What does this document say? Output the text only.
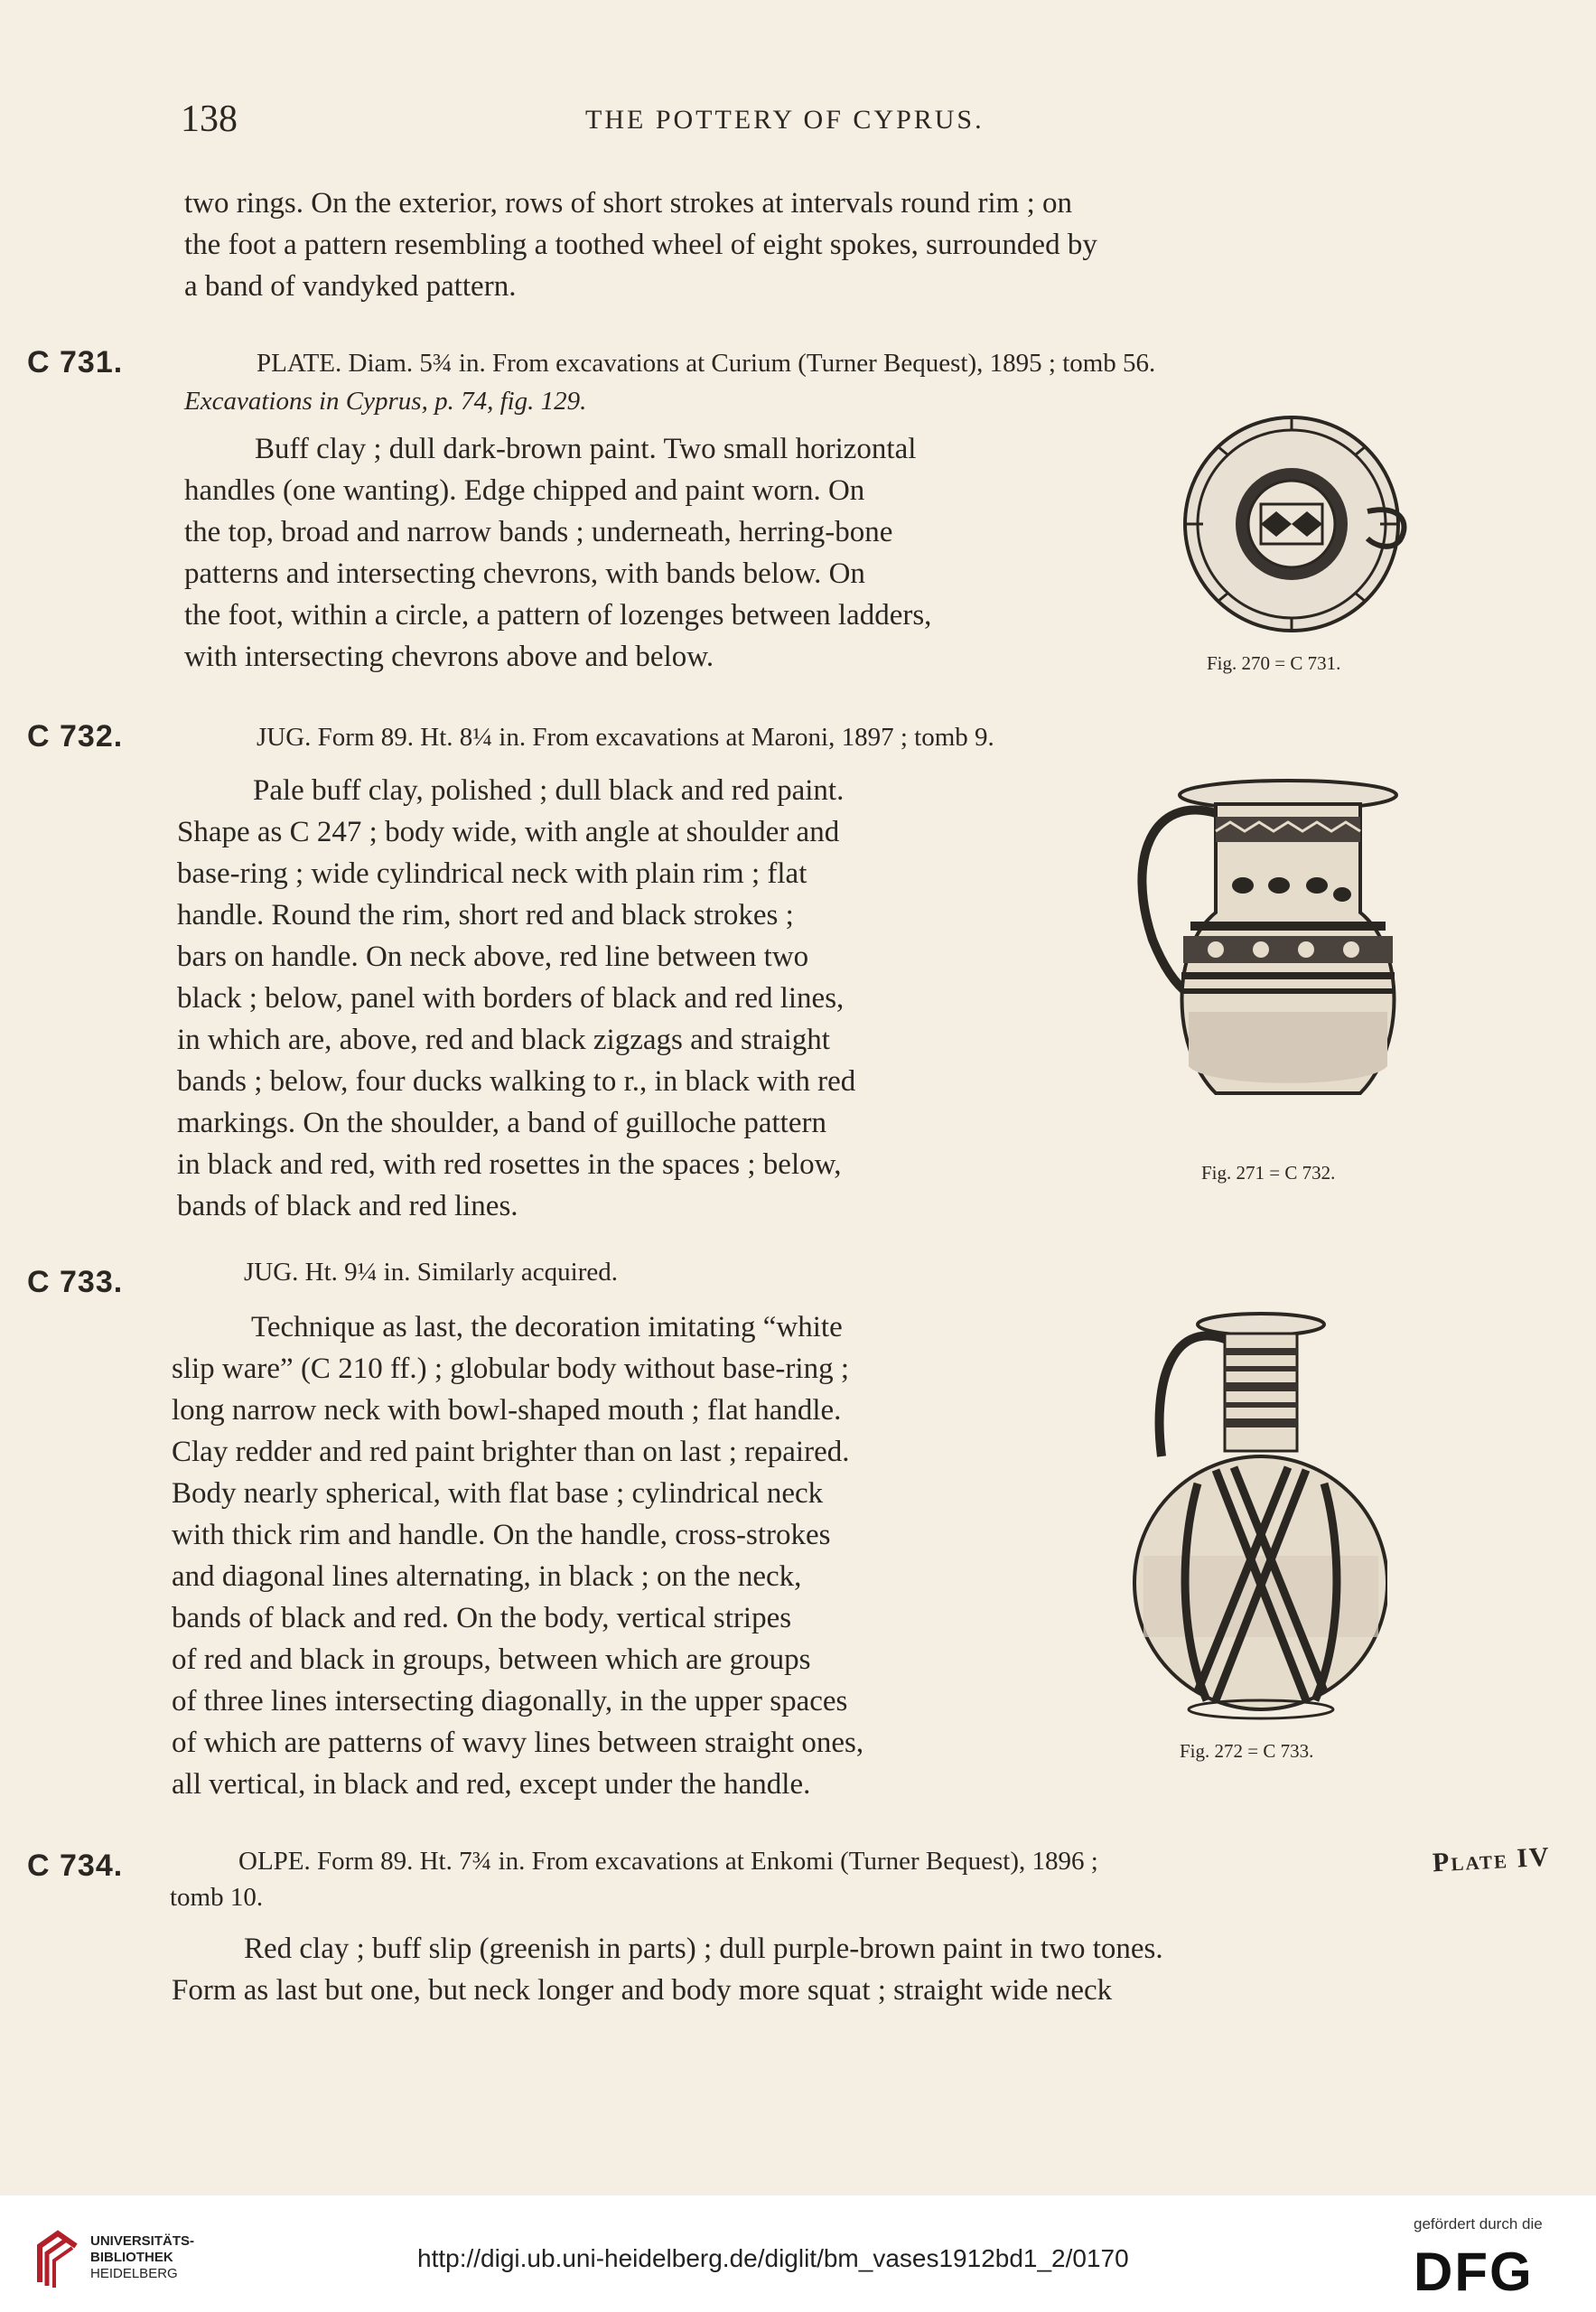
138	THE POTTERY OF CYPRUS.
two rings. On the exterior, rows of short strokes at intervals round rim ; on
the foot a pattern resembling a toothed wheel of eight spokes, surrounded by
a band of vandyked pattern.
C 731.	PLATE. Diam. 5¾ in. From excavations at Curium (Turner Bequest), 1895 ; tomb 56.
Excavations in Cyprus, p. 74, fig. 129.
Buff clay ; dull dark-brown paint. Two small horizontal
handles (one wanting). Edge chipped and paint worn. On
the top, broad and narrow bands ; underneath, herring-bone
patterns and intersecting chevrons, with bands below. On
the foot, within a circle, a pattern of lozenges between ladders,
with intersecting chevrons above and below.	Fig. 270 = C 731.
C 732.	JUG. Form 89. Ht. 8¼ in. From excavations at Maroni, 1897 ; tomb 9.
Pale buff clay, polished ; dull black and red paint.
Shape as C 247 ; body wide, with angle at shoulder and
base-ring ; wide cylindrical neck with plain rim ; flat
handle. Round the rim, short red and black strokes ;
bars on handle. On neck above, red line between two
black ; below, panel with borders of black and red lines,
in which are, above, red and black zigzags and straight
bands ; below, four ducks walking to r., in black with red
markings. On the shoulder, a band of guilloche pattern
in black and red, with red rosettes in the spaces ; below,
bands of black and red lines.
Fig. 271 = C 732.
C 733.	JUG. Ht. 9¼ in. Similarly acquired.
Technique as last, the decoration imitating “white
slip ware” (C 210 ff.) ; globular body without base-ring ;
long narrow neck with bowl-shaped mouth ; flat handle.
Clay redder and red paint brighter than on last ; repaired.
Body nearly spherical, with flat base ; cylindrical neck
with thick rim and handle. On the handle, cross-strokes
and diagonal lines alternating, in black ; on the neck,
bands of black and red. On the body, vertical stripes
of red and black in groups, between which are groups
of three lines intersecting diagonally, in the upper spaces
of which are patterns of wavy lines between straight ones,
all vertical, in black and red, except under the handle.
Fig. 272 = C 733.
C 734.	OLPE. Form 89. Ht. 7¾ in. From excavations at Enkomi (Turner Bequest), 1896 ;
tomb 10.
Plate IV
Red clay ; buff slip (greenish in parts) ; dull purple-brown paint in two tones.
Form as last but one, but neck longer and body more squat ; straight wide neck
UNIVERSITÄTS-
BIBLIOTHEK
HEIDELBERG
http://digi.ub.uni-heidelberg.de/diglit/bm_vases1912bd1_2/0170
gefördert durch die
DFG
